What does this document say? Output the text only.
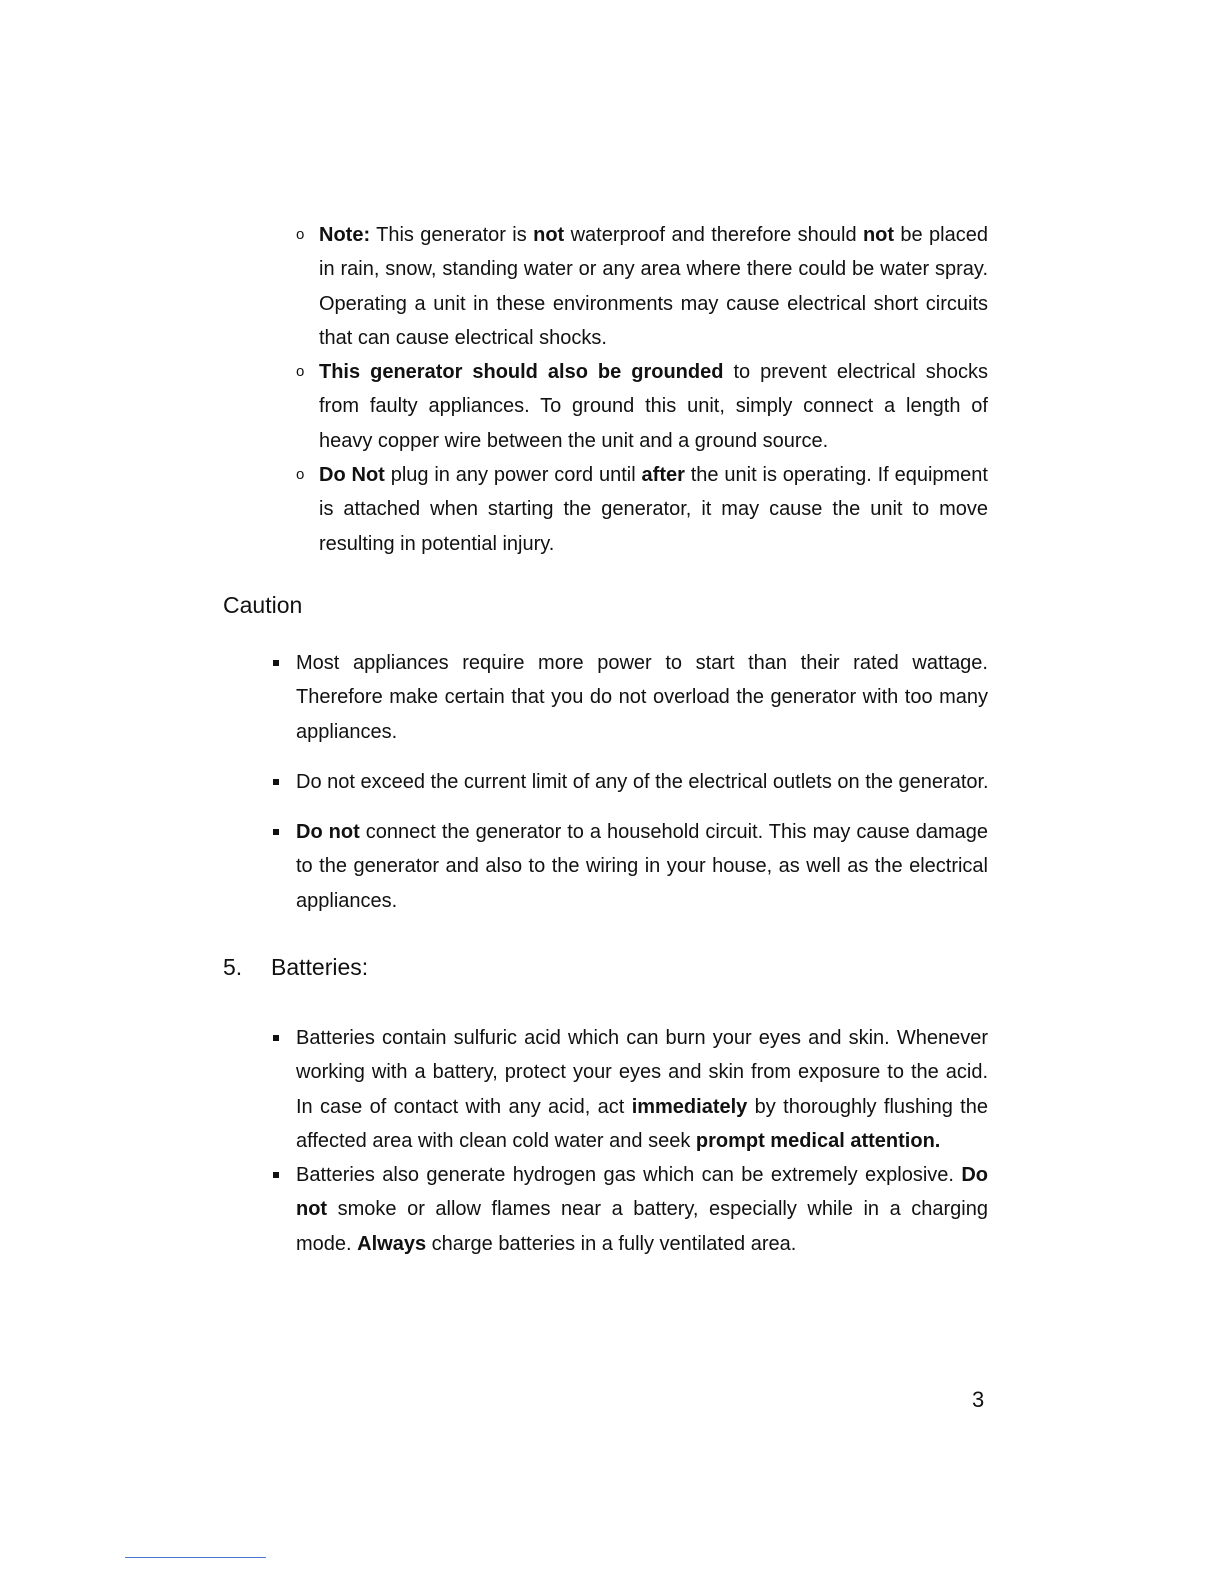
o Note: This generator is not waterproof and therefore should not be placed in rain, snow, standing water or any area where there could be water spray. Operating a unit in these environments may cause electrical short circuits that can cause electrical shocks.
o This generator should also be grounded to prevent electrical shocks from faulty appliances. To ground this unit, simply connect a length of heavy copper wire between the unit and a ground source.
o Do Not plug in any power cord until after the unit is operating. If equipment is attached when starting the generator, it may cause the unit to move resulting in potential injury.
Caution
Most appliances require more power to start than their rated wattage. Therefore make certain that you do not overload the generator with too many appliances.
Do not exceed the current limit of any of the electrical outlets on the generator.
Do not connect the generator to a household circuit. This may cause damage to the generator and also to the wiring in your house, as well as the electrical appliances.
5. Batteries:
Batteries contain sulfuric acid which can burn your eyes and skin. Whenever working with a battery, protect your eyes and skin from exposure to the acid. In case of contact with any acid, act immediately by thoroughly flushing the affected area with clean cold water and seek prompt medical attention.
Batteries also generate hydrogen gas which can be extremely explosive. Do not smoke or allow flames near a battery, especially while in a charging mode. Always charge batteries in a fully ventilated area.
3
